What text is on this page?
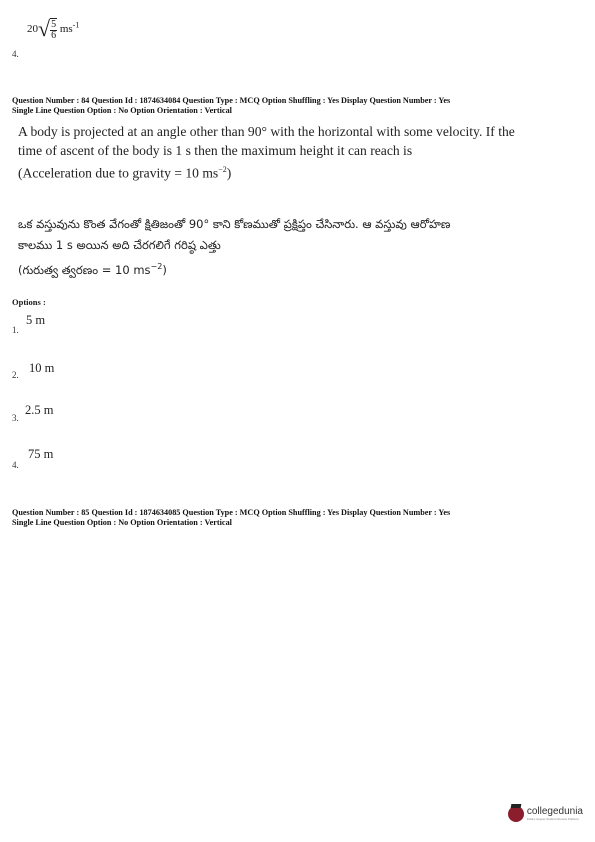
4.
$20√ \frac{5}{6} ms^{-1}$
Question Number : 84 Question Id : 1874634084 Question Type : MCQ Option Shuffling : Yes Display Question Number : Yes
Single Line Question Option : No Option Orientation : Vertical
A body is projected at an angle other than 90° with the horizontal with some velocity. If the
time of ascent of the body is 1 s then the maximum height it can reach is
(Acceleration due to gravity = 10 $ms^{-2}$)
ఒక వస్తువును కొంత వేగంతో క్షితిజంతో 90° కాని కోణముతో ప్రక్షిప్తం చేసినారు. ఆ వస్తువు ఆరోహణ
కాలము 1 s అయిన అది చేరగలిగే గరిష్ఠ ఎత్తు
(గురుత్వ త్వరణం = 10 $ms^{-2}$)
Options :
5 m
1.
10 m
2.
2.5 m
3.
75 m
4.
Question Number : 85 Question Id : 1874634085 Question Type : MCQ Option Shuffling : Yes Display Question Number : Yes
Single Line Question Option : No Option Orientation : Vertical
collegedunia
India's largest Student Review Platform
